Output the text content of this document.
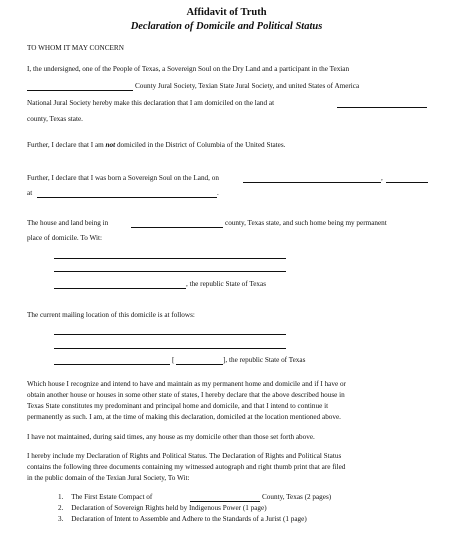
Affidavit of Truth
Declaration of Domicile and Political Status
TO WHOM IT MAY CONCERN
I, the undersigned, one of the People of Texas, a Sovereign Soul on the Dry Land and a participant in the Texian
County Jural Society, Texian State Jural Society, and united States of America
National Jural Society hereby make this declaration that I am domiciled on the land at
county, Texas state.
Further, I declare that I am not domiciled in the District of Columbia of the United States.
Further, I declare that I was born a Sovereign Soul on the Land, on	,
at	.
The house and land being in	county, Texas state, and such home being my permanent
place of domicile. To Wit:
, the republic State of Texas
The current mailing location of this domicile is at follows:
[	], the republic State of Texas
Which house I recognize and intend to have and maintain as my permanent home and domicile and if I have or
obtain another house or houses in some other state of states, I hereby declare that the above described house in
Texas State constitutes my predominant and principal home and domicile, and that I intend to continue it
permanently as such. I am, at the time of making this declaration, domiciled at the location mentioned above.
I have not maintained, during said times, any house as my domicile other than those set forth above.
I hereby include my Declaration of Rights and Political Status. The Declaration of Rights and Political Status
contains the following three documents containing my witnessed autograph and right thumb print that are filed
in the public domain of the Texian Jural Society, To Wit:
1. The First Estate Compact of	County, Texas (2 pages)
2. Declaration of Sovereign Rights held by Indigenous Power (1 page)
3. Declaration of Intent to Assemble and Adhere to the Standards of a Jurist (1 page)
